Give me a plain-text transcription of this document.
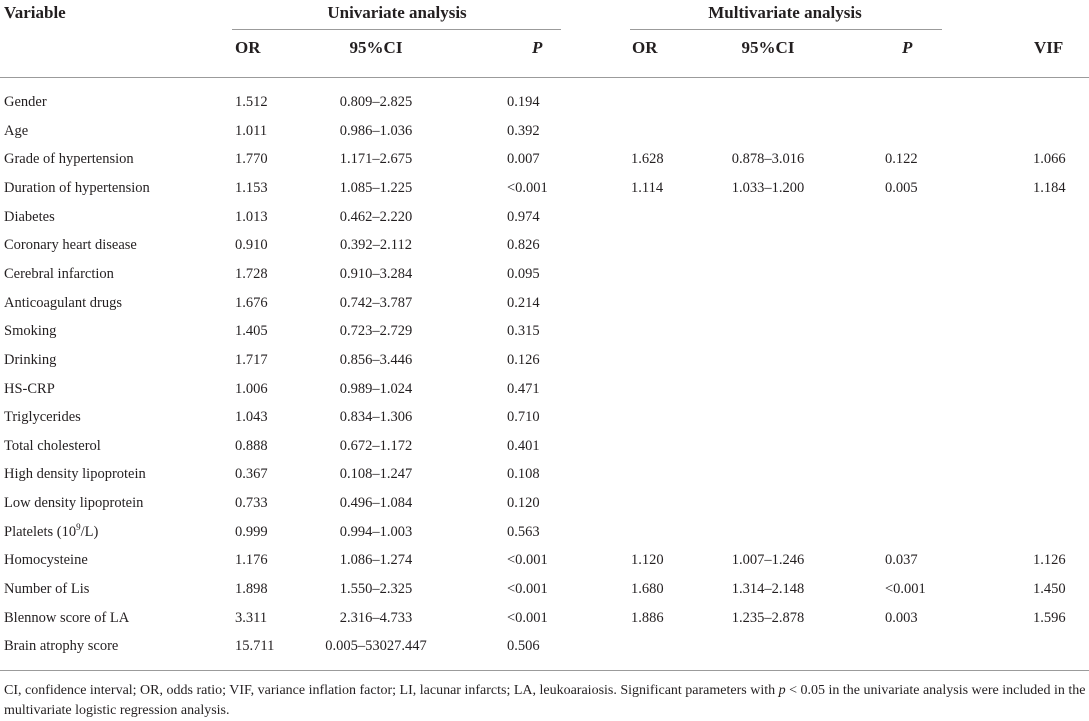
Variable	Univariate analysis	Multivariate analysis
OR	95%CI	P	OR	95%CI	P	VIF
Gender	1.512	0.809–2.825	0.194
Age	1.011	0.986–1.036	0.392
Grade of hypertension	1.770	1.171–2.675	0.007	1.628	0.878–3.016	0.122	1.066
Duration of hypertension	1.153	1.085–1.225	<0.001	1.114	1.033–1.200	0.005	1.184
Diabetes	1.013	0.462–2.220	0.974
Coronary heart disease	0.910	0.392–2.112	0.826
Cerebral infarction	1.728	0.910–3.284	0.095
Anticoagulant drugs	1.676	0.742–3.787	0.214
Smoking	1.405	0.723–2.729	0.315
Drinking	1.717	0.856–3.446	0.126
HS-CRP	1.006	0.989–1.024	0.471
Triglycerides	1.043	0.834–1.306	0.710
Total cholesterol	0.888	0.672–1.172	0.401
High density lipoprotein	0.367	0.108–1.247	0.108
Low density lipoprotein	0.733	0.496–1.084	0.120
Platelets $(10^9/L)$	0.999	0.994–1.003	0.563
Homocysteine	1.176	1.086–1.274	<0.001	1.120	1.007–1.246	0.037	1.126
Number of Lis	1.898	1.550–2.325	<0.001	1.680	1.314–2.148	<0.001	1.450
Blennow score of LA	3.311	2.316–4.733	<0.001	1.886	1.235–2.878	0.003	1.596
Brain atrophy score	15.711	0.005–53027.447	0.506
CI, confidence interval; OR, odds ratio; VIF, variance inflation factor; LI, lacunar infarcts; LA, leukoaraiosis. Significant parameters with p < 0.05 in the univariate analysis were included in the multivariate logistic regression analysis.
